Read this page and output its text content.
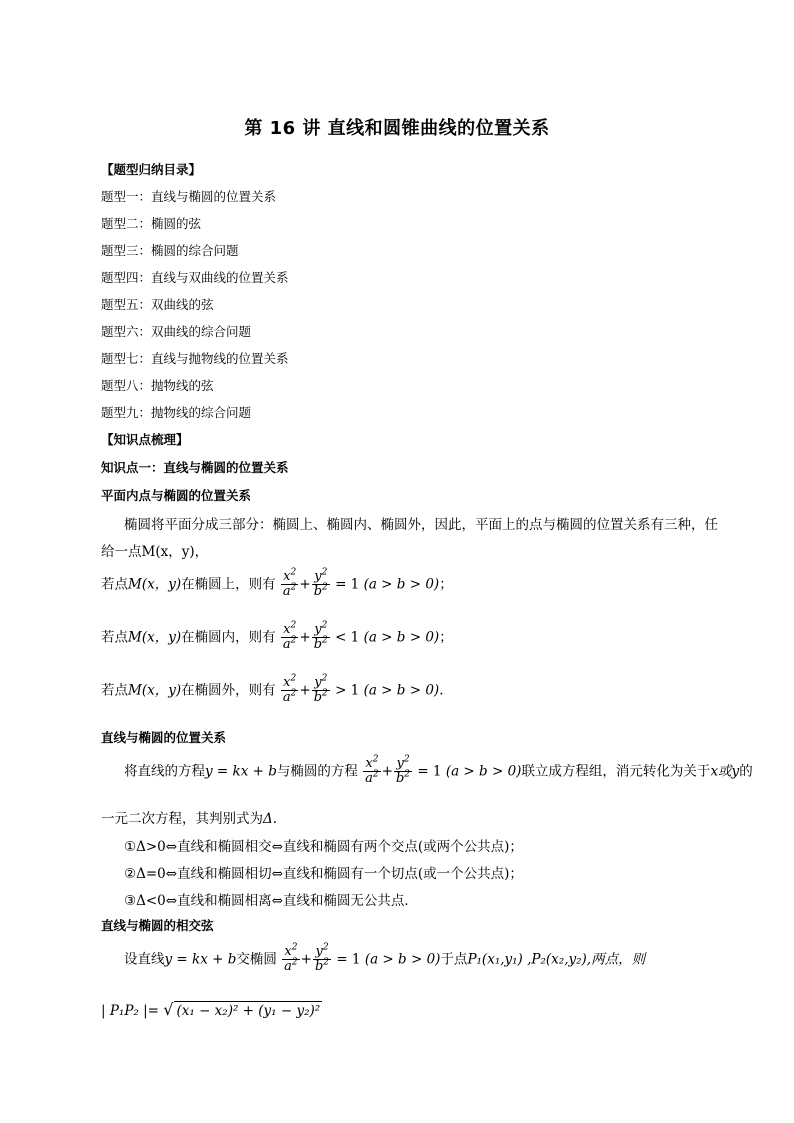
第 16 讲 直线和圆锥曲线的位置关系
【题型归纳目录】
题型一：直线与椭圆的位置关系
题型二：椭圆的弦
题型三：椭圆的综合问题
题型四：直线与双曲线的位置关系
题型五：双曲线的弦
题型六：双曲线的综合问题
题型七：直线与抛物线的位置关系
题型八：抛物线的弦
题型九：抛物线的综合问题
【知识点梳理】
知识点一：直线与椭圆的位置关系
平面内点与椭圆的位置关系
椭圆将平面分成三部分：椭圆上、椭圆内、椭圆外，因此，平面上的点与椭圆的位置关系有三种，任
给一点M(x，y)，
若点M(x，y)在椭圆上，则有 $\frac{x^2}{a^2} + \frac{y^2}{b^2} = 1$ (a > b > 0)；
若点M(x，y)在椭圆内，则有 $\frac{x^2}{a^2} + \frac{y^2}{b^2} < 1$ (a > b > 0)；
若点M(x，y)在椭圆外，则有 $\frac{x^2}{a^2} + \frac{y^2}{b^2} > 1$ (a > b > 0).
直线与椭圆的位置关系
将直线的方程y = kx + b与椭圆的方程 $\frac{x^2}{a^2} + \frac{y^2}{b^2} = 1$ (a > b > 0)联立成方程组，消元转化为关于x或y的
一元二次方程，其判别式为Δ.
①Δ>0⇔直线和椭圆相交⇔直线和椭圆有两个交点(或两个公共点)；
②Δ=0⇔直线和椭圆相切⇔直线和椭圆有一个切点(或一个公共点)；
③Δ<0⇔直线和椭圆相离⇔直线和椭圆无公共点．
直线与椭圆的相交弦
设直线y = kx + b交椭圆 $\frac{x^2}{a^2} + \frac{y^2}{b^2} = 1$ (a > b > 0)于点P₁(x₁,y₁) ,P₂(x₂,y₂),两点，则
| P₁P₂ |= √ (x₁ − x₂)² + (y₁ − y₂)²
